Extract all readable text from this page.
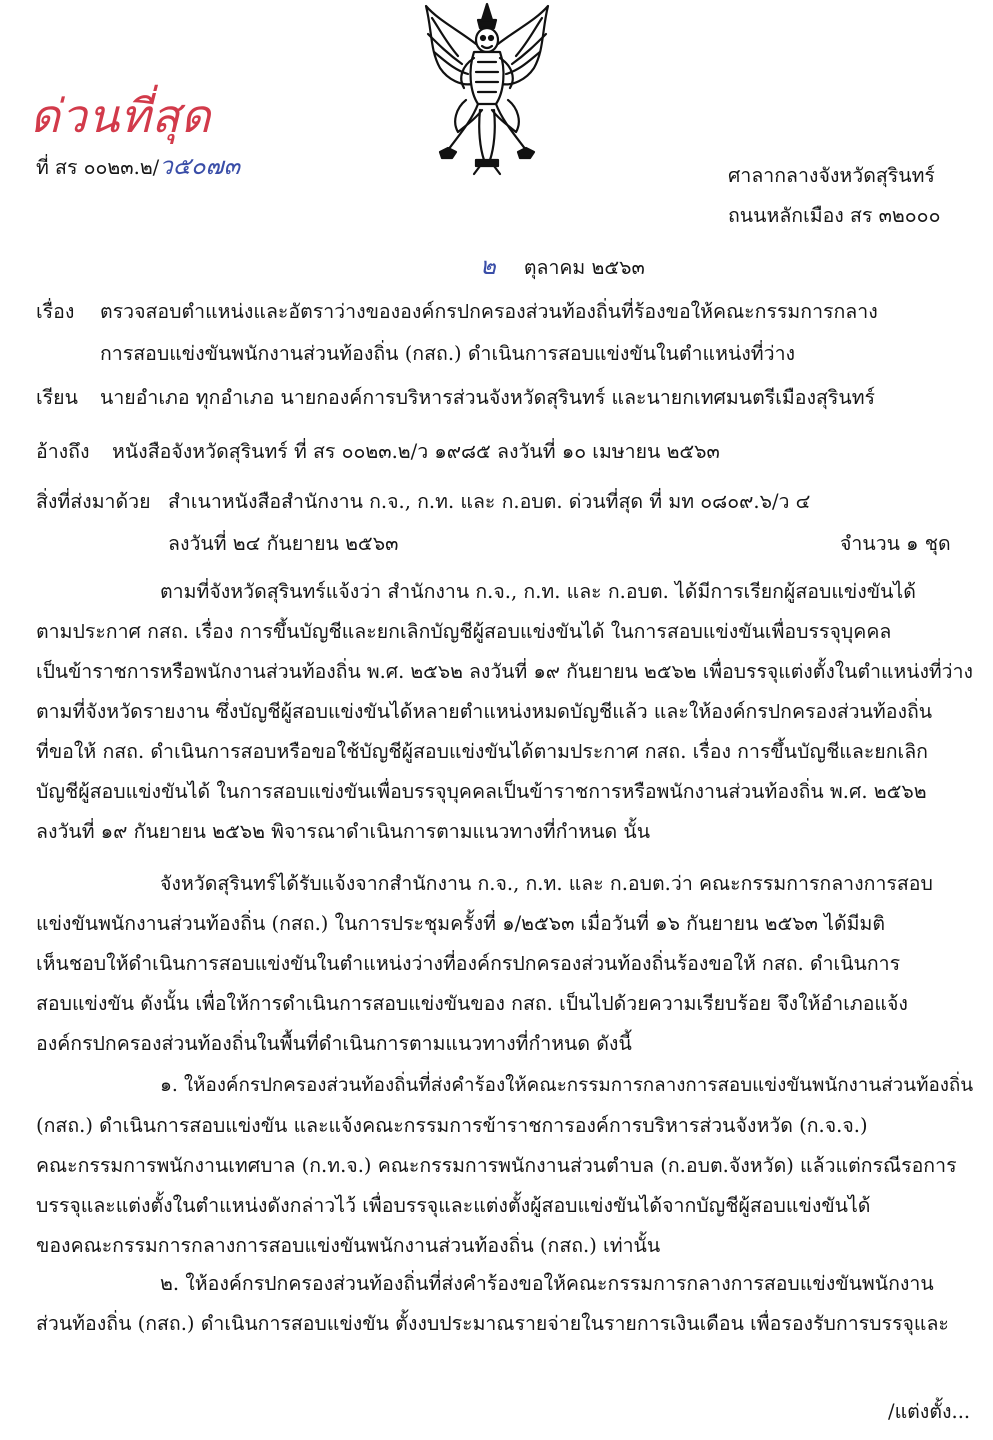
ด่วนที่สุด
ที่ สร ๐๐๒๓.๒/ว๕๐๗๓	ศาลากลางจังหวัดสุรินทร์
ถนนหลักเมือง สร ๓๒๐๐๐
๒ ตุลาคม ๒๕๖๓
เรื่อง ตรวจสอบตำแหน่งและอัตราว่างขององค์กรปกครองส่วนท้องถิ่นที่ร้องขอให้คณะกรรมการกลาง
การสอบแข่งขันพนักงานส่วนท้องถิ่น (กสถ.) ดำเนินการสอบแข่งขันในตำแหน่งที่ว่าง
เรียน นายอำเภอ ทุกอำเภอ นายกองค์การบริหารส่วนจังหวัดสุรินทร์ และนายกเทศมนตรีเมืองสุรินทร์
อ้างถึง หนังสือจังหวัดสุรินทร์ ที่ สร ๐๐๒๓.๒/ว ๑๙๘๕ ลงวันที่ ๑๐ เมษายน ๒๕๖๓
สิ่งที่ส่งมาด้วย สำเนาหนังสือสำนักงาน ก.จ., ก.ท. และ ก.อบต. ด่วนที่สุด ที่ มท ๐๘๐๙.๖/ว ๔
ลงวันที่ ๒๔ กันยายน ๒๕๖๓	จำนวน ๑ ชุด
ตามที่จังหวัดสุรินทร์แจ้งว่า สำนักงาน ก.จ., ก.ท. และ ก.อบต. ได้มีการเรียกผู้สอบแข่งขันได้
ตามประกาศ กสถ. เรื่อง การขึ้นบัญชีและยกเลิกบัญชีผู้สอบแข่งขันได้ ในการสอบแข่งขันเพื่อบรรจุบุคคล
เป็นข้าราชการหรือพนักงานส่วนท้องถิ่น พ.ศ. ๒๕๖๒ ลงวันที่ ๑๙ กันยายน ๒๕๖๒ เพื่อบรรจุแต่งตั้งในตำแหน่งที่ว่าง
ตามที่จังหวัดรายงาน ซึ่งบัญชีผู้สอบแข่งขันได้หลายตำแหน่งหมดบัญชีแล้ว และให้องค์กรปกครองส่วนท้องถิ่น
ที่ขอให้ กสถ. ดำเนินการสอบหรือขอใช้บัญชีผู้สอบแข่งขันได้ตามประกาศ กสถ. เรื่อง การขึ้นบัญชีและยกเลิก
บัญชีผู้สอบแข่งขันได้ ในการสอบแข่งขันเพื่อบรรจุบุคคลเป็นข้าราชการหรือพนักงานส่วนท้องถิ่น พ.ศ. ๒๕๖๒
ลงวันที่ ๑๙ กันยายน ๒๕๖๒ พิจารณาดำเนินการตามแนวทางที่กำหนด นั้น
จังหวัดสุรินทร์ได้รับแจ้งจากสำนักงาน ก.จ., ก.ท. และ ก.อบต.ว่า คณะกรรมการกลางการสอบ
แข่งขันพนักงานส่วนท้องถิ่น (กสถ.) ในการประชุมครั้งที่ ๑/๒๕๖๓ เมื่อวันที่ ๑๖ กันยายน ๒๕๖๓ ได้มีมติ
เห็นชอบให้ดำเนินการสอบแข่งขันในตำแหน่งว่างที่องค์กรปกครองส่วนท้องถิ่นร้องขอให้ กสถ. ดำเนินการ
สอบแข่งขัน ดังนั้น เพื่อให้การดำเนินการสอบแข่งขันของ กสถ. เป็นไปด้วยความเรียบร้อย จึงให้อำเภอแจ้ง
องค์กรปกครองส่วนท้องถิ่นในพื้นที่ดำเนินการตามแนวทางที่กำหนด ดังนี้
๑. ให้องค์กรปกครองส่วนท้องถิ่นที่ส่งคำร้องให้คณะกรรมการกลางการสอบแข่งขันพนักงานส่วนท้องถิ่น
(กสถ.) ดำเนินการสอบแข่งขัน และแจ้งคณะกรรมการข้าราชการองค์การบริหารส่วนจังหวัด (ก.จ.จ.)
คณะกรรมการพนักงานเทศบาล (ก.ท.จ.) คณะกรรมการพนักงานส่วนตำบล (ก.อบต.จังหวัด) แล้วแต่กรณีรอการ
บรรจุและแต่งตั้งในตำแหน่งดังกล่าวไว้ เพื่อบรรจุและแต่งตั้งผู้สอบแข่งขันได้จากบัญชีผู้สอบแข่งขันได้
ของคณะกรรมการกลางการสอบแข่งขันพนักงานส่วนท้องถิ่น (กสถ.) เท่านั้น
๒. ให้องค์กรปกครองส่วนท้องถิ่นที่ส่งคำร้องขอให้คณะกรรมการกลางการสอบแข่งขันพนักงาน
ส่วนท้องถิ่น (กสถ.) ดำเนินการสอบแข่งขัน ตั้งงบประมาณรายจ่ายในรายการเงินเดือน เพื่อรองรับการบรรจุและ
/แต่งตั้ง...
